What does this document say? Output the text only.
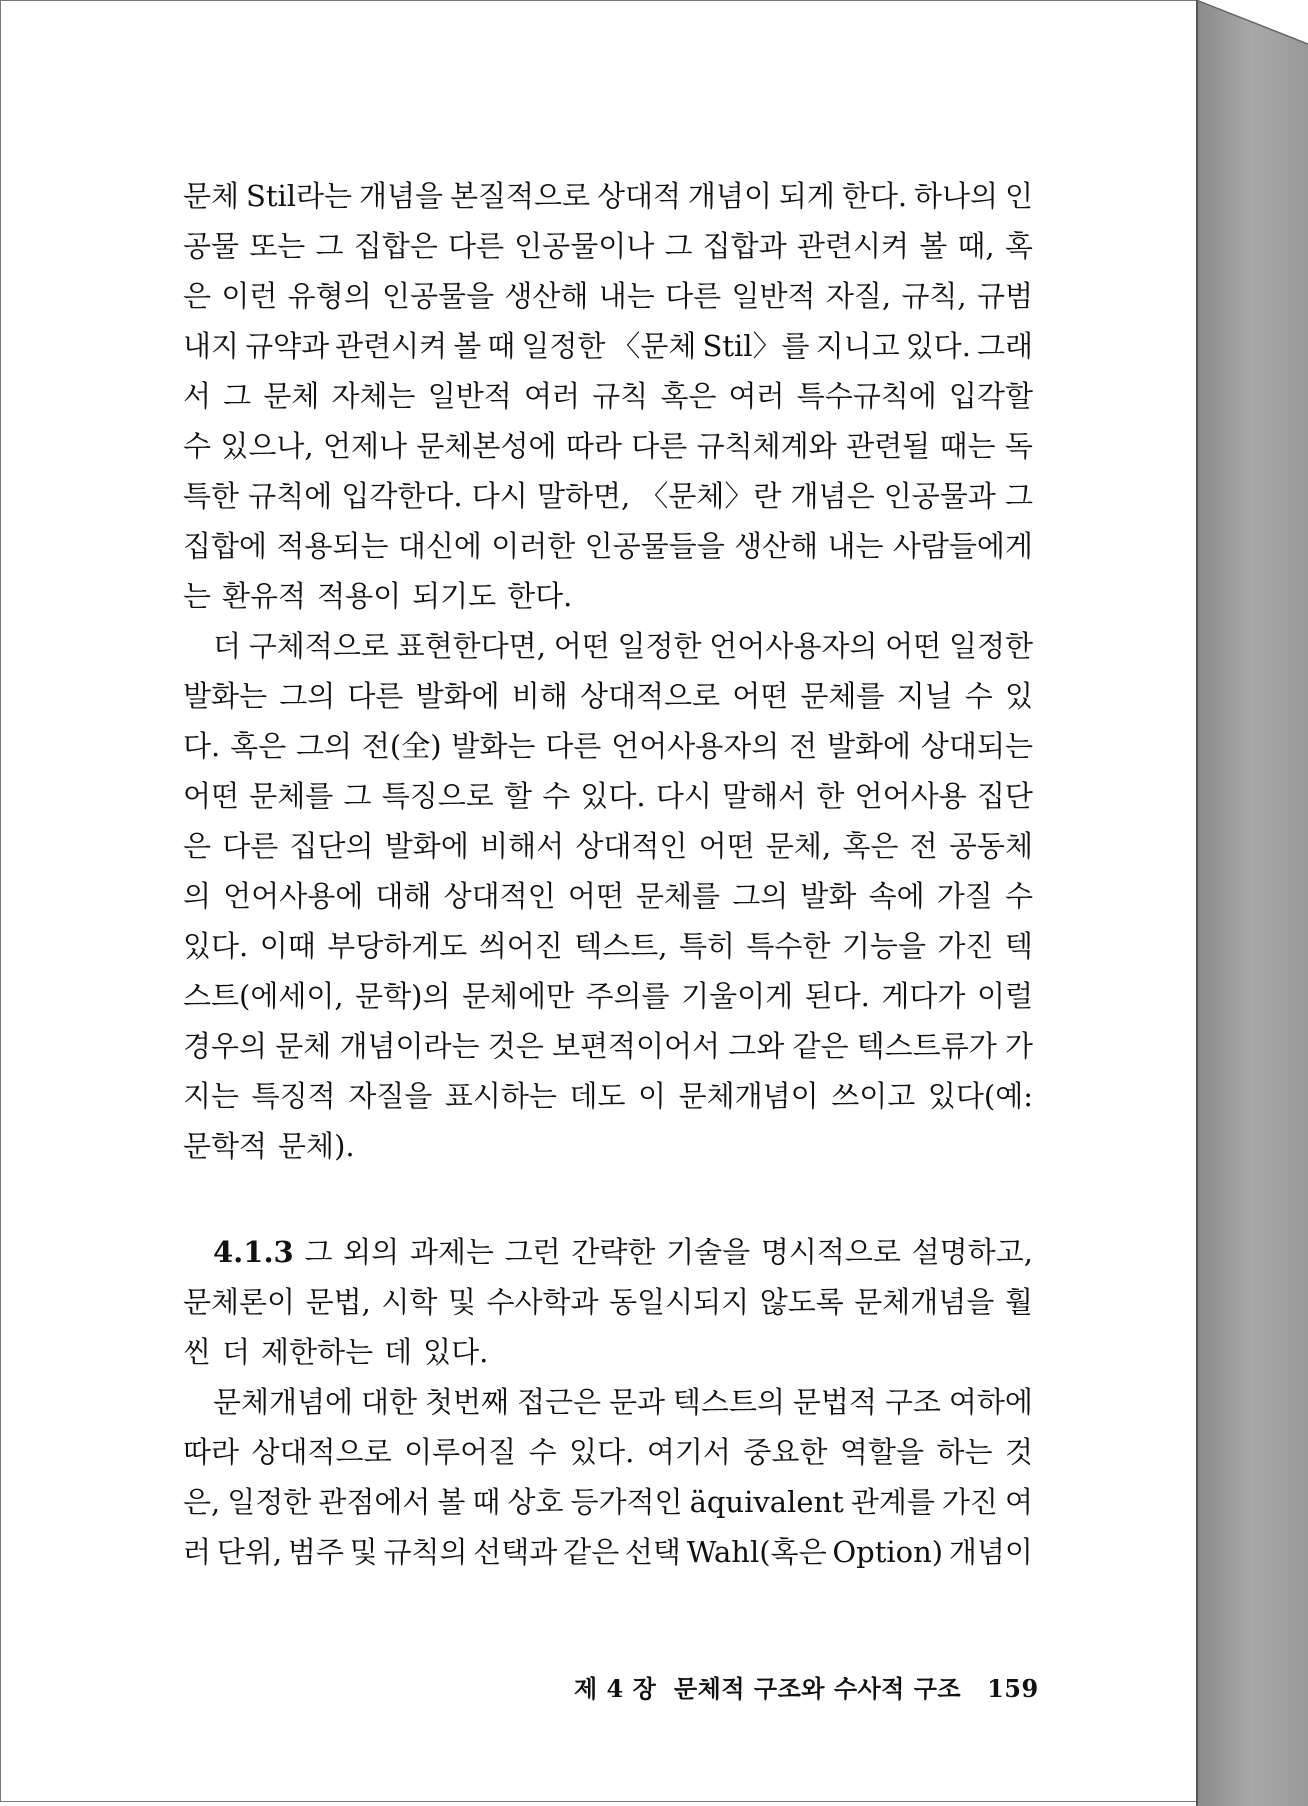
문체 Stil라는 개념을 본질적으로 상대적 개념이 되게 한다. 하나의 인
공물 또는 그 집합은 다른 인공물이나 그 집합과 관련시켜 볼 때, 혹
은 이런 유형의 인공물을 생산해 내는 다른 일반적 자질, 규칙, 규범
내지 규약과 관련시켜 볼 때 일정한 〈문체 Stil〉를 지니고 있다. 그래
서 그 문체 자체는 일반적 여러 규칙 혹은 여러 특수규칙에 입각할
수 있으나, 언제나 문체본성에 따라 다른 규칙체계와 관련될 때는 독
특한 규칙에 입각한다. 다시 말하면, 〈문체〉란 개념은 인공물과 그
집합에 적용되는 대신에 이러한 인공물들을 생산해 내는 사람들에게
는 환유적 적용이 되기도 한다.
더 구체적으로 표현한다면, 어떤 일정한 언어사용자의 어떤 일정한
발화는 그의 다른 발화에 비해 상대적으로 어떤 문체를 지닐 수 있
다. 혹은 그의 전(全) 발화는 다른 언어사용자의 전 발화에 상대되는
어떤 문체를 그 특징으로 할 수 있다. 다시 말해서 한 언어사용 집단
은 다른 집단의 발화에 비해서 상대적인 어떤 문체, 혹은 전 공동체
의 언어사용에 대해 상대적인 어떤 문체를 그의 발화 속에 가질 수
있다. 이때 부당하게도 씌어진 텍스트, 특히 특수한 기능을 가진 텍
스트(에세이, 문학)의 문체에만 주의를 기울이게 된다. 게다가 이럴
경우의 문체 개념이라는 것은 보편적이어서 그와 같은 텍스트류가 가
지는 특징적 자질을 표시하는 데도 이 문체개념이 쓰이고 있다(예:
문학적 문체).
4.1.3 그 외의 과제는 그런 간략한 기술을 명시적으로 설명하고,
문체론이 문법, 시학 및 수사학과 동일시되지 않도록 문체개념을 훨
씬 더 제한하는 데 있다.
문체개념에 대한 첫번째 접근은 문과 텍스트의 문법적 구조 여하에
따라 상대적으로 이루어질 수 있다. 여기서 중요한 역할을 하는 것
은, 일정한 관점에서 볼 때 상호 등가적인 äquivalent 관계를 가진 여
러 단위, 범주 및 규칙의 선택과 같은 선택 Wahl(혹은 Option) 개념이
제 4 장 문체적 구조와 수사적 구조 159
